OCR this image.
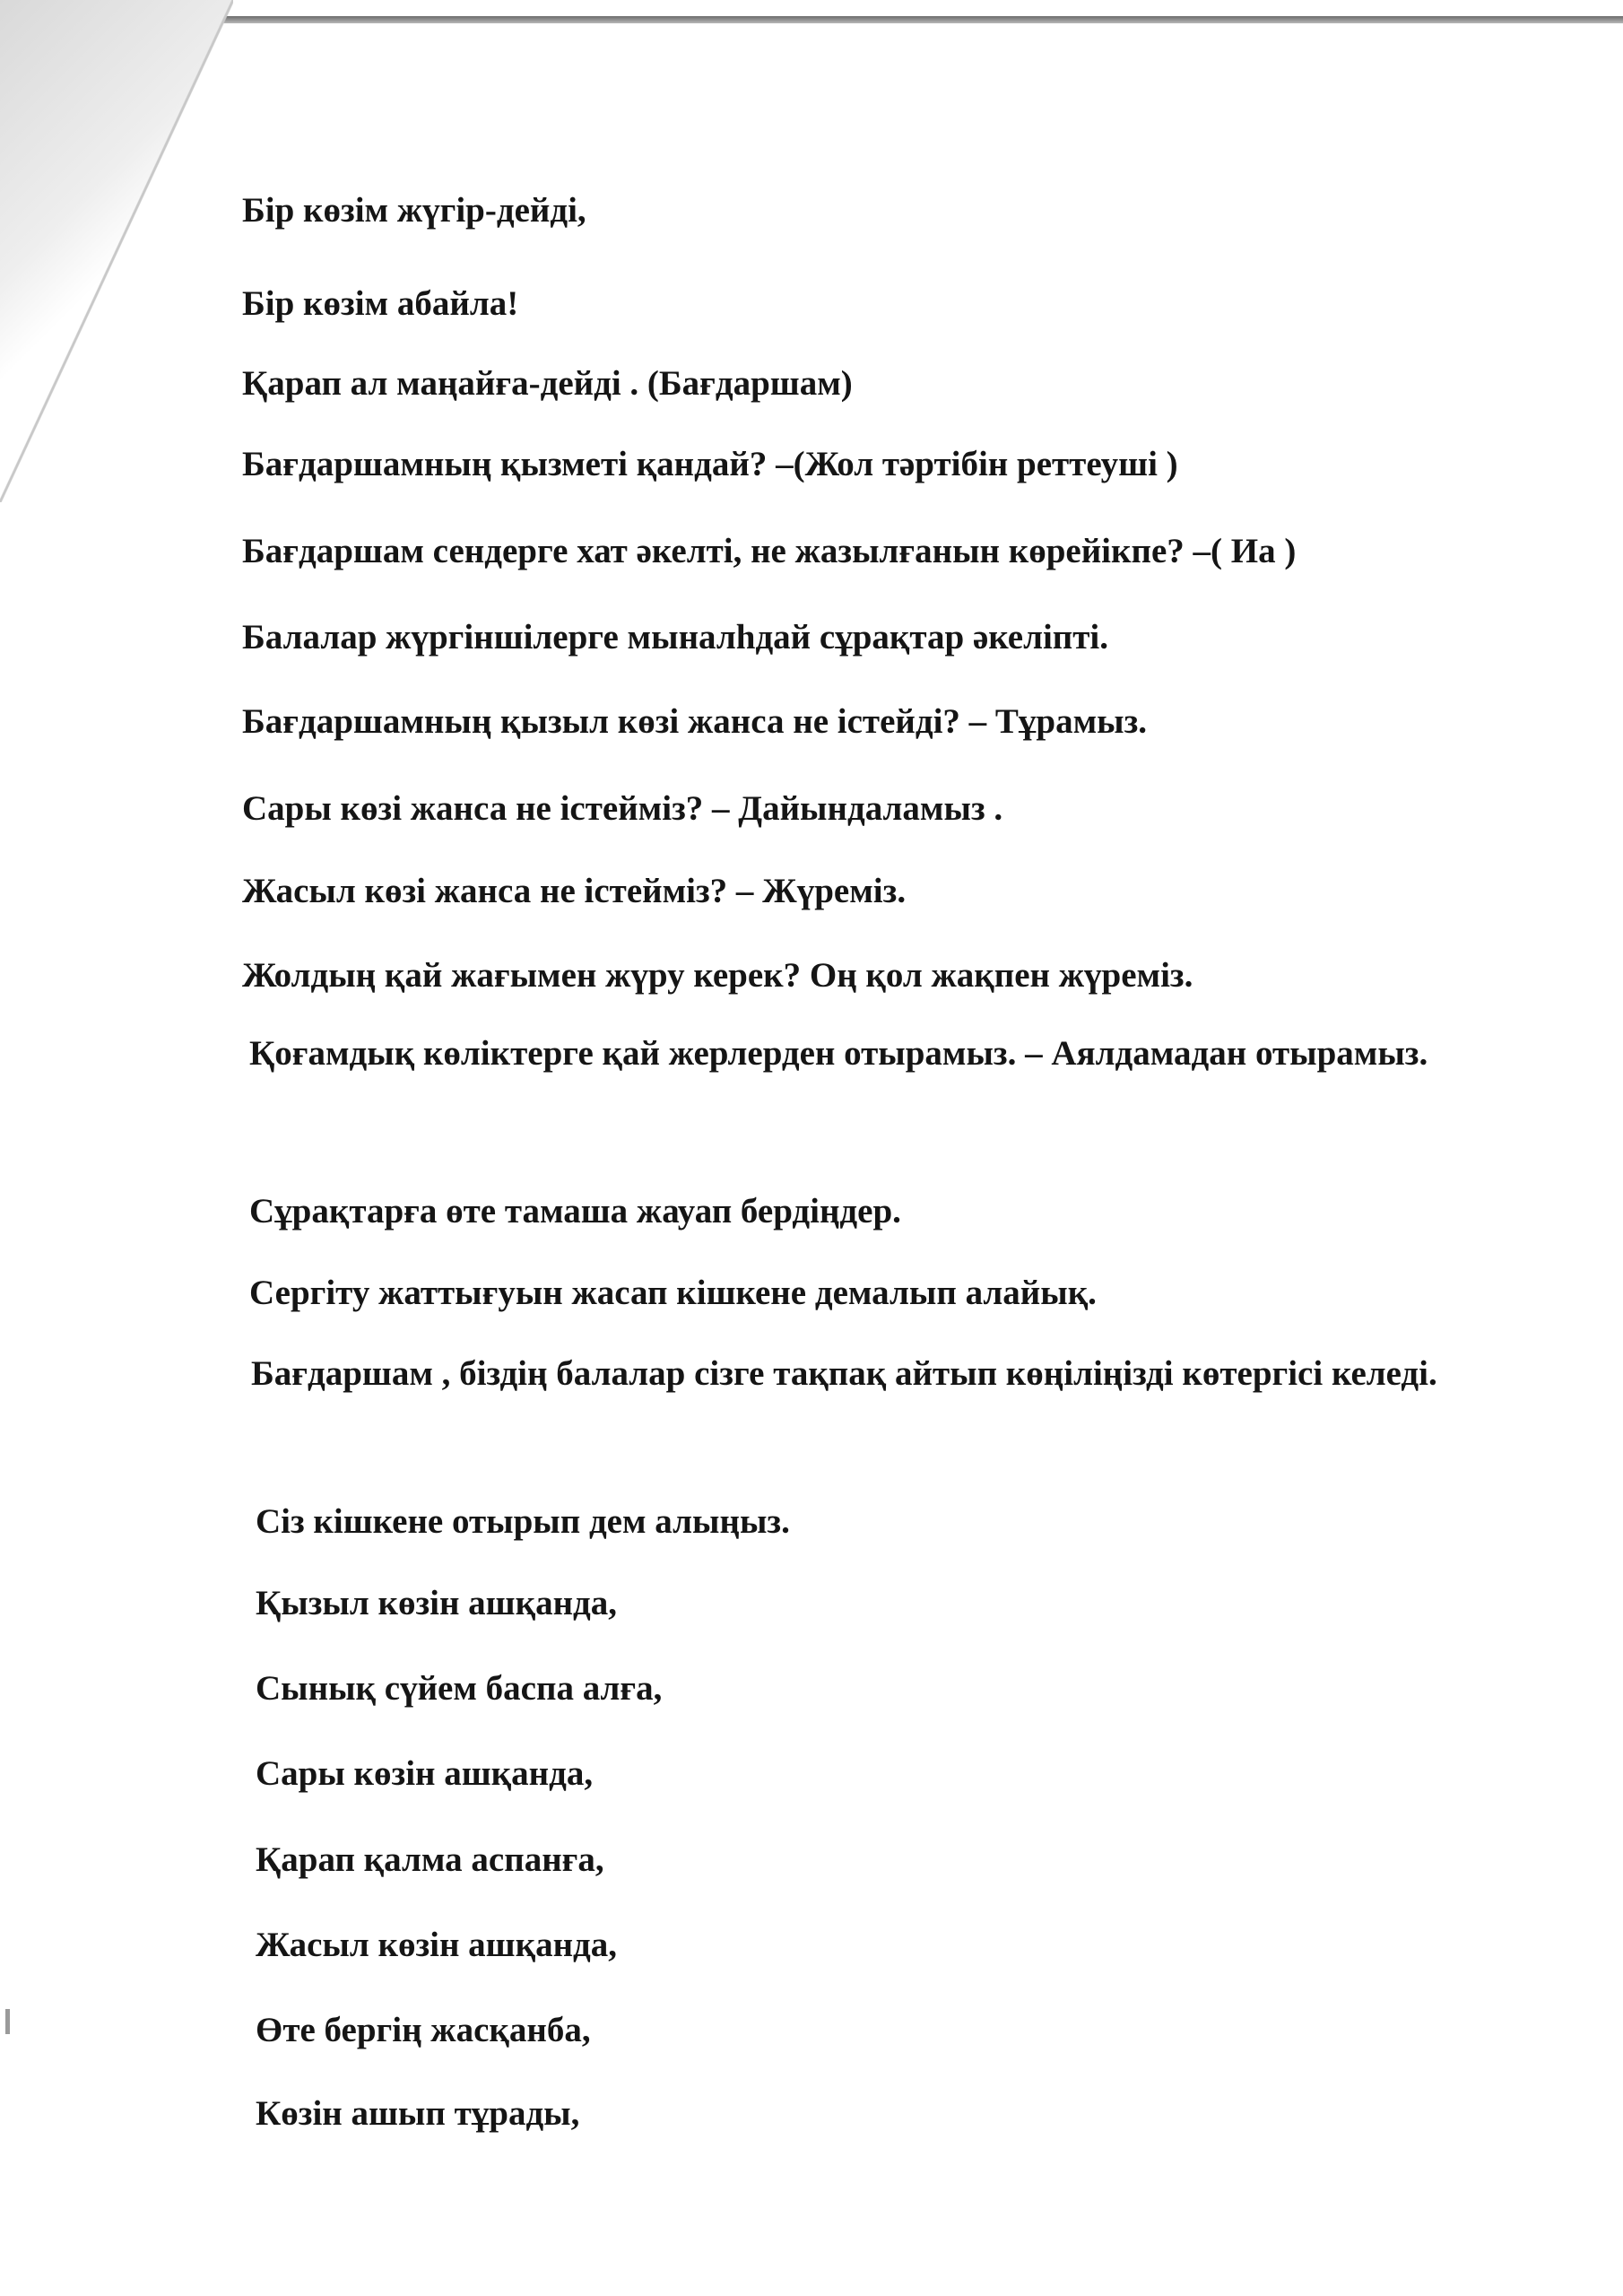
Бір көзім жүгір-дейді,

Бір көзім абайла!

Қарап ал маңайға-дейді . (Бағдаршам)

Бағдаршамның қызметі қандай? –(Жол тәртібін реттеуші )

Бағдаршам сендерге хат әкелті, не жазылғанын көрейікпе? –( Иа )

Балалар жүргіншілерге мыналһдай сұрақтар әкеліпті.

Бағдаршамның қызыл көзі жанса не істейді? – Тұрамыз.

Сары көзі жанса не істейміз? – Дайындаламыз .

Жасыл көзі жанса не істейміз? – Жүреміз.

Жолдың қай жағымен жүру керек? Оң қол жақпен жүреміз.

Қоғамдық көліктерге қай жерлерден отырамыз. – Аялдамадан отырамыз.

Сұрақтарға өте тамаша жауап бердіңдер.

Сергіту жаттығуын жасап кішкене демалып алайық.

Бағдаршам , біздің балалар сізге тақпақ айтып көңіліңізді көтергісі келеді.

Сіз кішкене отырып дем алыңыз.

Қызыл көзін ашқанда,

Сынық сүйем баспа алға,

Сары көзін ашқанда,

Қарап қалма аспанға,

Жасыл көзін ашқанда,

Өте бергің жасқанба,

Көзін ашып тұрады,
